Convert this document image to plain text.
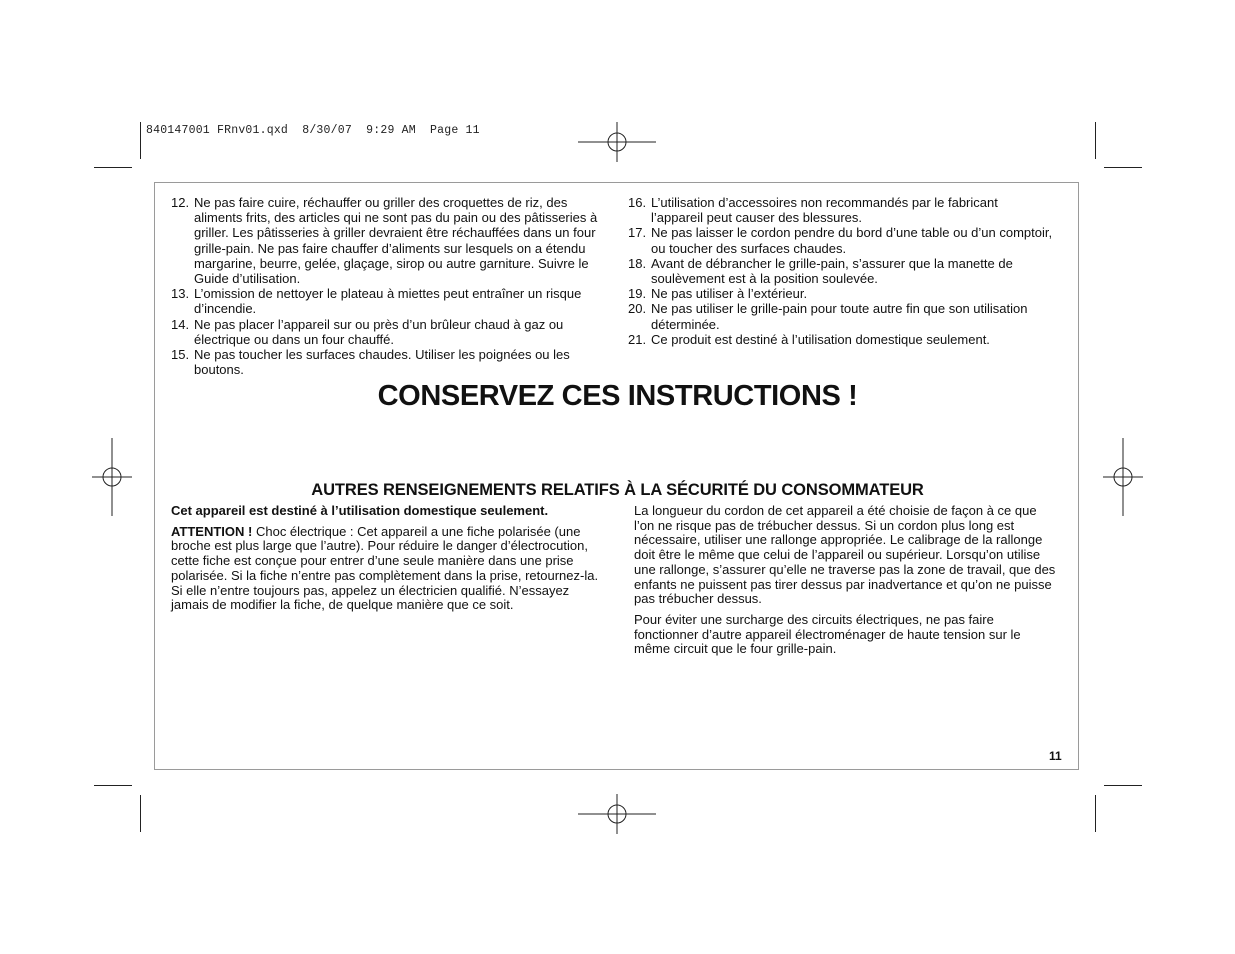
840147001 FRnv01.qxd  8/30/07  9:29 AM  Page 11
12. Ne pas faire cuire, réchauffer ou griller des croquettes de riz, des aliments frits, des articles qui ne sont pas du pain ou des pâtisseries à griller. Les pâtisseries à griller devraient être réchauffées dans un four grille-pain. Ne pas faire chauffer d’aliments sur lesquels on a étendu margarine, beurre, gelée, glaçage, sirop ou autre garniture. Suivre le Guide d’utilisation.
13. L’omission de nettoyer le plateau à miettes peut entraîner un risque d’incendie.
14. Ne pas placer l’appareil sur ou près d’un brûleur chaud à gaz ou électrique ou dans un four chauffé.
15. Ne pas toucher les surfaces chaudes. Utiliser les poignées ou les boutons.
16. L’utilisation d’accessoires non recommandés par le fabricant l’appareil peut causer des blessures.
17. Ne pas laisser le cordon pendre du bord d’une table ou d’un comptoir, ou toucher des surfaces chaudes.
18. Avant de débrancher le grille-pain, s’assurer que la manette de soulèvement est à la position soulevée.
19. Ne pas utiliser à l’extérieur.
20. Ne pas utiliser le grille-pain pour toute autre fin que son utilisation déterminée.
21. Ce produit est destiné à l’utilisation domestique seulement.
CONSERVEZ CES INSTRUCTIONS !
AUTRES RENSEIGNEMENTS RELATIFS À LA SÉCURITÉ DU CONSOMMATEUR

Cet appareil est destiné à l’utilisation domestique seulement.

ATTENTION ! Choc électrique : Cet appareil a une fiche polarisée (une broche est plus large que l’autre). Pour réduire le danger d’électrocution, cette fiche est conçue pour entrer d’une seule manière dans une prise polarisée. Si la fiche n’entre pas complètement dans la prise, retournez-la. Si elle n’entre toujours pas, appelez un électricien qualifié. N’essayez jamais de modifier la fiche, de quelque manière que ce soit.

La longueur du cordon de cet appareil a été choisie de façon à ce que l’on ne risque pas de trébucher dessus. Si un cordon plus long est nécessaire, utiliser une rallonge appropriée. Le calibrage de la rallonge doit être le même que celui de l’appareil ou supérieur. Lorsqu’on utilise une rallonge, s’assurer qu’elle ne traverse pas la zone de travail, que des enfants ne puissent pas tirer dessus par inadvertance et qu’on ne puisse pas trébucher dessus.

Pour éviter une surcharge des circuits électriques, ne pas faire fonctionner d’autre appareil électroménager de haute tension sur le même circuit que le four grille-pain.

11
